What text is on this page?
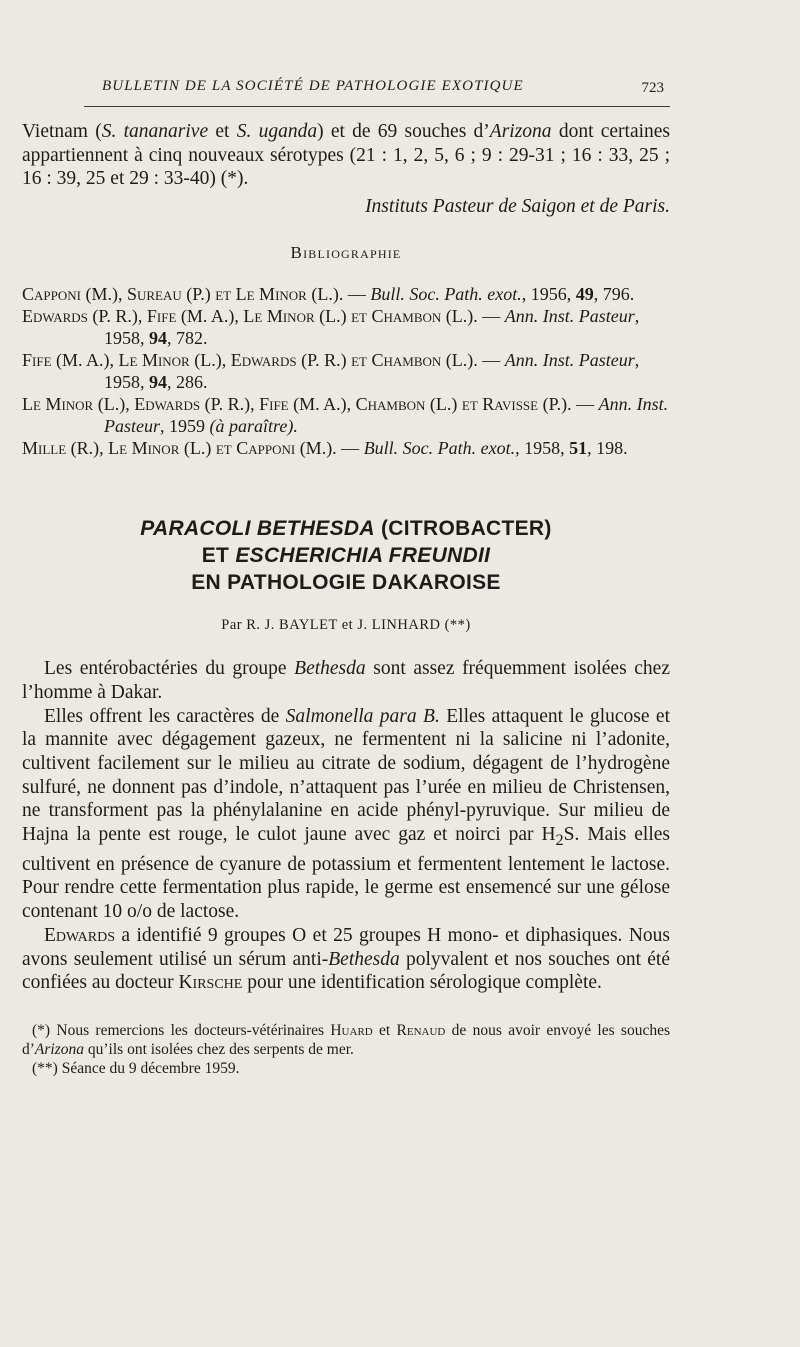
BULLETIN DE LA SOCIÉTÉ DE PATHOLOGIE EXOTIQUE	723

Vietnam (S. tananarive et S. uganda) et de 69 souches d’Arizona dont certaines appartiennent à cinq nouveaux sérotypes (21 : 1, 2, 5, 6 ; 9 : 29-31 ; 16 : 33, 25 ; 16 : 39, 25 et 29 : 33-40) (*).

Instituts Pasteur de Saigon et de Paris.

Bibliographie

Capponi (M.), Sureau (P.) et Le Minor (L.). — Bull. Soc. Path. exot., 1956, 49, 796.

Edwards (P. R.), Fife (M. A.), Le Minor (L.) et Chambon (L.). — Ann. Inst. Pasteur, 1958, 94, 782.

Fife (M. A.), Le Minor (L.), Edwards (P. R.) et Chambon (L.). — Ann. Inst. Pasteur, 1958, 94, 286.

Le Minor (L.), Edwards (P. R.), Fife (M. A.), Chambon (L.) et Ravisse (P.). — Ann. Inst. Pasteur, 1959 (à paraître).

Mille (R.), Le Minor (L.) et Capponi (M.). — Bull. Soc. Path. exot., 1958, 51, 198.

PARACOLI BETHESDA (CITROBACTER)
ET ESCHERICHIA FREUNDII
EN PATHOLOGIE DAKAROISE
Par R. J. BAYLET et J. LINHARD (**)

Les entérobactéries du groupe Bethesda sont assez fréquemment isolées chez l’homme à Dakar.

Elles offrent les caractères de Salmonella para B. Elles attaquent le glucose et la mannite avec dégagement gazeux, ne fermentent ni la salicine ni l’adonite, cultivent facilement sur le milieu au citrate de sodium, dégagent de l’hydrogène sulfuré, ne donnent pas d’indole, n’attaquent pas l’urée en milieu de Christensen, ne transforment pas la phénylalanine en acide phényl-pyruvique. Sur milieu de Hajna la pente est rouge, le culot jaune avec gaz et noirci par $H_2S$. Mais elles cultivent en présence de cyanure de potassium et fermentent lentement le lactose. Pour rendre cette fermentation plus rapide, le germe est ensemencé sur une gélose contenant 10 o/o de lactose.

Edwards a identifié 9 groupes O et 25 groupes H mono- et diphasiques. Nous avons seulement utilisé un sérum anti-Bethesda polyvalent et nos souches ont été confiées au docteur Kirsche pour une identification sérologique complète.

(*) Nous remercions les docteurs-vétérinaires Huard et Renaud de nous avoir envoyé les souches d’Arizona qu’ils ont isolées chez des serpents de mer.

(**) Séance du 9 décembre 1959.
